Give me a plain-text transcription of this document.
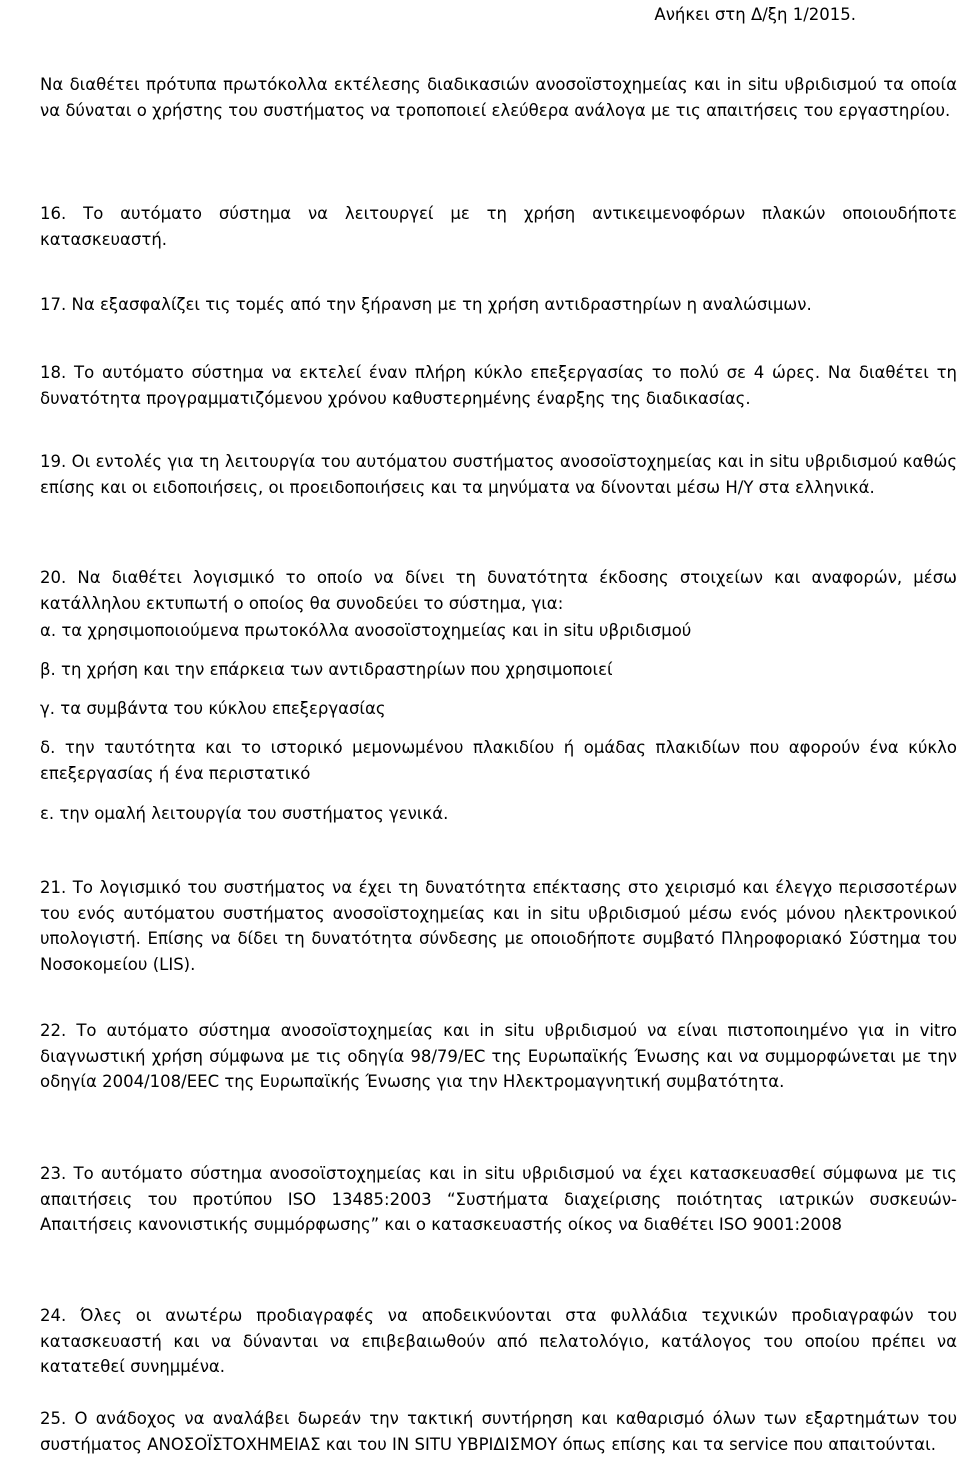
Ανήκει στη Δ/ξη 1/2015.

Να διαθέτει πρότυπα πρωτόκολλα εκτέλεσης διαδικασιών ανοσοϊστοχημείας και in situ υβριδισμού τα οποία να δύναται ο χρήστης του συστήματος να τροποποιεί ελεύθερα ανάλογα με τις απαιτήσεις του εργαστηρίου.

16. Το αυτόματο σύστημα να λειτουργεί με τη χρήση αντικειμενοφόρων πλακών οποιουδήποτε κατασκευαστή.

17. Να εξασφαλίζει τις τομές από την ξήρανση με τη χρήση αντιδραστηρίων η αναλώσιμων.

18. Το αυτόματο σύστημα να εκτελεί έναν πλήρη κύκλο επεξεργασίας το πολύ σε 4 ώρες. Να διαθέτει τη δυνατότητα προγραμματιζόμενου χρόνου καθυστερημένης έναρξης της διαδικασίας.

19. Οι εντολές για τη λειτουργία του αυτόματου συστήματος ανοσοϊστοχημείας και in situ υβριδισμού καθώς επίσης και οι ειδοποιήσεις, οι προειδοποιήσεις και τα μηνύματα να δίνονται μέσω Η/Υ στα ελληνικά.

20. Να διαθέτει λογισμικό το οποίο να δίνει τη δυνατότητα έκδοσης στοιχείων και αναφορών, μέσω κατάλληλου εκτυπωτή ο οποίος θα συνοδεύει το σύστημα, για:

α. τα χρησιμοποιούμενα πρωτοκόλλα ανοσοϊστοχημείας και in situ υβριδισμού

β. τη χρήση και την επάρκεια των αντιδραστηρίων που χρησιμοποιεί

γ. τα συμβάντα του κύκλου επεξεργασίας

δ. την ταυτότητα και το ιστορικό μεμονωμένου πλακιδίου ή ομάδας πλακιδίων που αφορούν ένα κύκλο επεξεργασίας ή ένα περιστατικό

ε. την ομαλή λειτουργία του συστήματος γενικά.

21. Το λογισμικό του συστήματος να έχει τη δυνατότητα επέκτασης στο χειρισμό και έλεγχο περισσοτέρων του ενός αυτόματου συστήματος ανοσοϊστοχημείας και in situ υβριδισμού μέσω ενός μόνου ηλεκτρονικού υπολογιστή. Επίσης να δίδει τη δυνατότητα σύνδεσης με οποιοδήποτε συμβατό Πληροφοριακό Σύστημα του Νοσοκομείου (LIS).

22. Το αυτόματο σύστημα ανοσοϊστοχημείας και in situ υβριδισμού να είναι πιστοποιημένο για in vitro διαγνωστική χρήση σύμφωνα με τις οδηγία 98/79/EC της Ευρωπαϊκής Ένωσης και να συμμορφώνεται με την οδηγία 2004/108/EEC της Ευρωπαϊκής Ένωσης για την Ηλεκτρομαγνητική συμβατότητα.

23. Το αυτόματο σύστημα ανοσοϊστοχημείας και in situ υβριδισμού να έχει κατασκευασθεί σύμφωνα με τις απαιτήσεις του προτύπου ISO 13485:2003 “Συστήματα διαχείρισης ποιότητας ιατρικών συσκευών-Απαιτήσεις κανονιστικής συμμόρφωσης” και ο κατασκευαστής οίκος να διαθέτει ISO 9001:2008

24. Όλες οι ανωτέρω προδιαγραφές να αποδεικνύονται στα φυλλάδια τεχνικών προδιαγραφών του κατασκευαστή και να δύνανται να επιβεβαιωθούν από πελατολόγιο, κατάλογος του οποίου πρέπει να κατατεθεί συνημμένα.

25. Ο ανάδοχος να αναλάβει δωρεάν την τακτική συντήρηση και καθαρισμό όλων των εξαρτημάτων του συστήματος ΑΝΟΣΟΪΣΤΟΧΗΜΕΙΑΣ και του IN SITU ΥΒΡΙΔΙΣΜΟΥ όπως επίσης και τα service που απαιτούνται.
